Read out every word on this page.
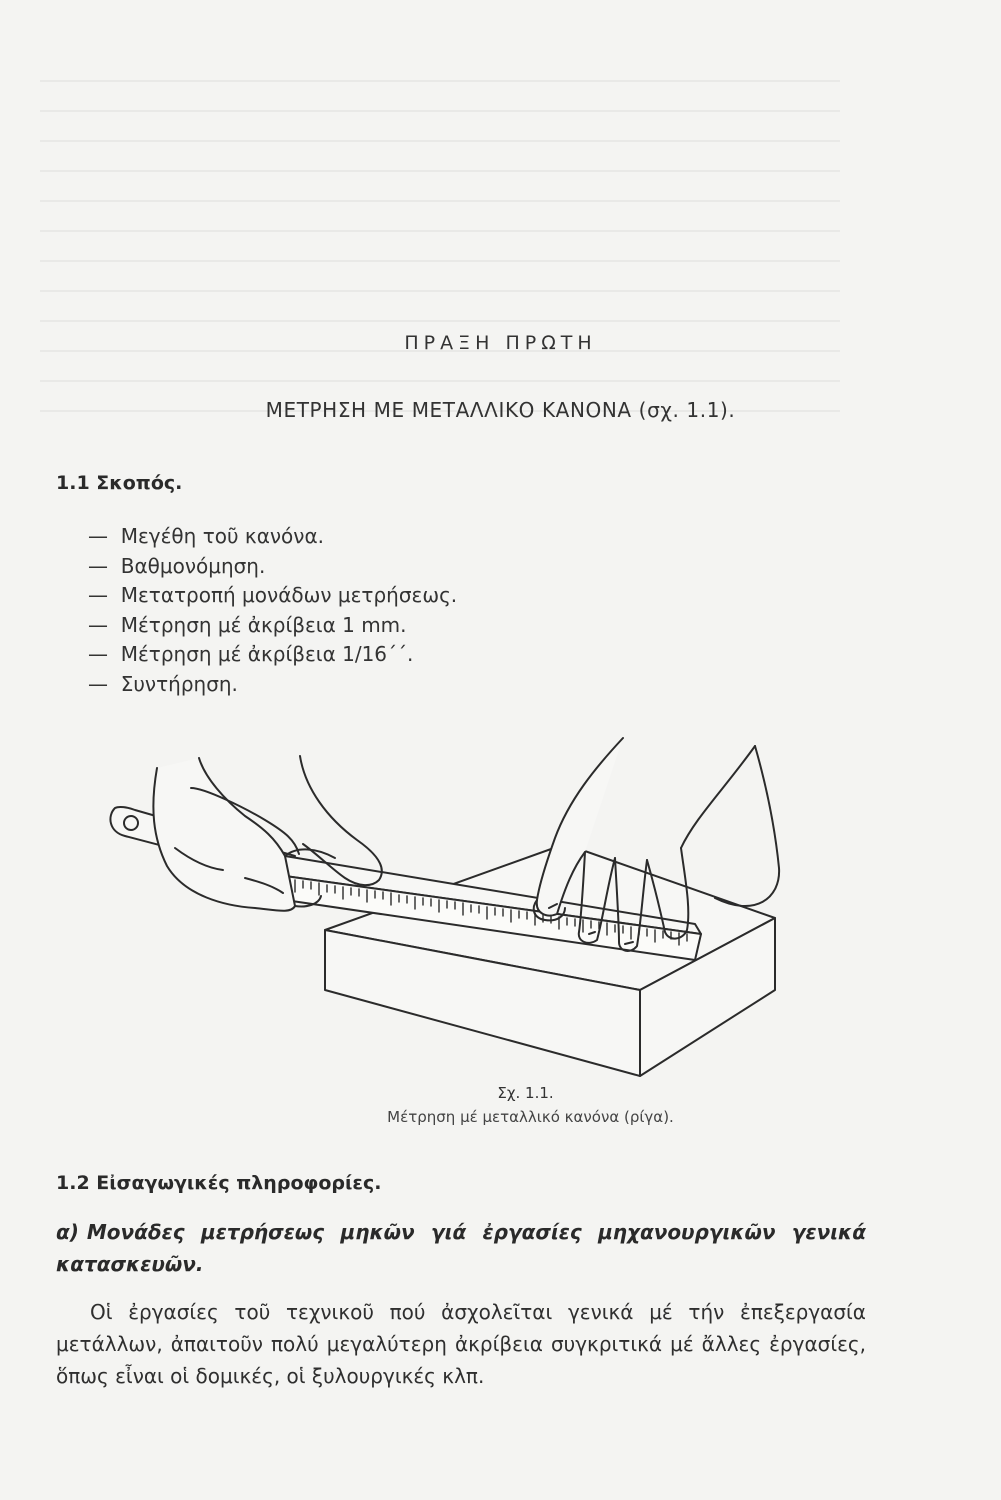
ΠΡΑΞΗ ΠΡΩΤΗ
ΜΕΤΡΗΣΗ ΜΕ ΜΕΤΑΛΛΙΚΟ ΚΑΝΟΝΑ (σχ. 1.1).
1.1 Σκοπός.
—  Μεγέθη τοῦ κανόνα.
—  Βαθμονόμηση.
—  Μετατροπή μονάδων μετρήσεως.
—  Μέτρηση μέ ἀκρίβεια 1 mm.
—  Μέτρηση μέ ἀκρίβεια 1/16΄΄.
—  Συντήρηση.
Σχ. 1.1.
Μέτρηση μέ μεταλλικό κανόνα (ρίγα).
1.2 Εἰσαγωγικές πληροφορίες.
α) Μονάδες μετρήσεως μηκῶν γιά ἐργασίες μηχανουργικῶν γενικά κατασκευῶν.
Οἱ ἐργασίες τοῦ τεχνικοῦ πού ἀσχολεῖται γενικά μέ τήν ἐπεξεργασία μετάλλων, ἀπαιτοῦν πολύ μεγαλύτερη ἀκρίβεια συγκριτικά μέ ἄλλες ἐργασίες, ὅπως εἶναι οἱ δομικές, οἱ ξυλουργικές κλπ.
